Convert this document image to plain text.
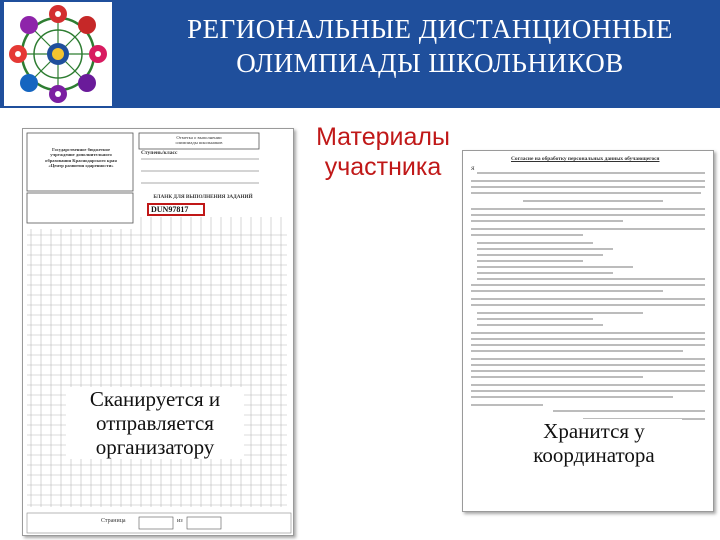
РЕГИОНАЛЬНЫЕ ДИСТАНЦИОННЫЕ
ОЛИМПИАДЫ ШКОЛЬНИКОВ
Государственное бюджетное
учреждение дополнительного
образования Краснодарского края
«Центр развития одаренности»
Отметка о выполнении
олимпиады школьников
Ступень/класс
БЛАНК ДЛЯ ВЫПОЛНЕНИЯ ЗАДАНИЙ
DUN97817
Страница	из
Согласие на обработку персональных данных обучающегося
Я
Материалы
участника
Сканируется и
отправляется
организатору
Хранится у
координатора
